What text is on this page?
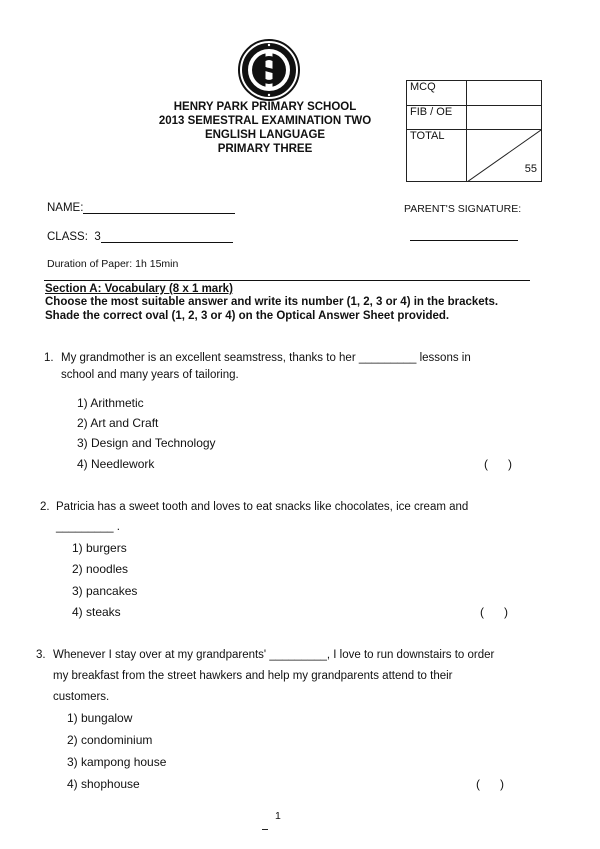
HENRY PARK PRIMARY SCHOOL
2013 SEMESTRAL EXAMINATION TWO
ENGLISH LANGUAGE
PRIMARY THREE
MCQ	
FIB / OE	
TOTAL	55
NAME:	PARENT'S SIGNATURE:
CLASS: 3
Duration of Paper: 1h 15min
Section A: Vocabulary (8 x 1 mark)
Choose the most suitable answer and write its number (1, 2, 3 or 4) in the brackets.
Shade the correct oval (1, 2, 3 or 4) on the Optical Answer Sheet provided.
1. My grandmother is an excellent seamstress, thanks to her _________ lessons in
school and many years of tailoring.
1) Arithmetic
2) Art and Craft
3) Design and Technology
4) Needlework	(      )
2. Patricia has a sweet tooth and loves to eat snacks like chocolates, ice cream and
_________ .
1) burgers
2) noodles
3) pancakes
4) steaks	(      )
3. Whenever I stay over at my grandparents' _________, I love to run downstairs to order
my breakfast from the street hawkers and help my grandparents attend to their
customers.
1) bungalow
2) condominium
3) kampong house
4) shophouse	(      )
1
